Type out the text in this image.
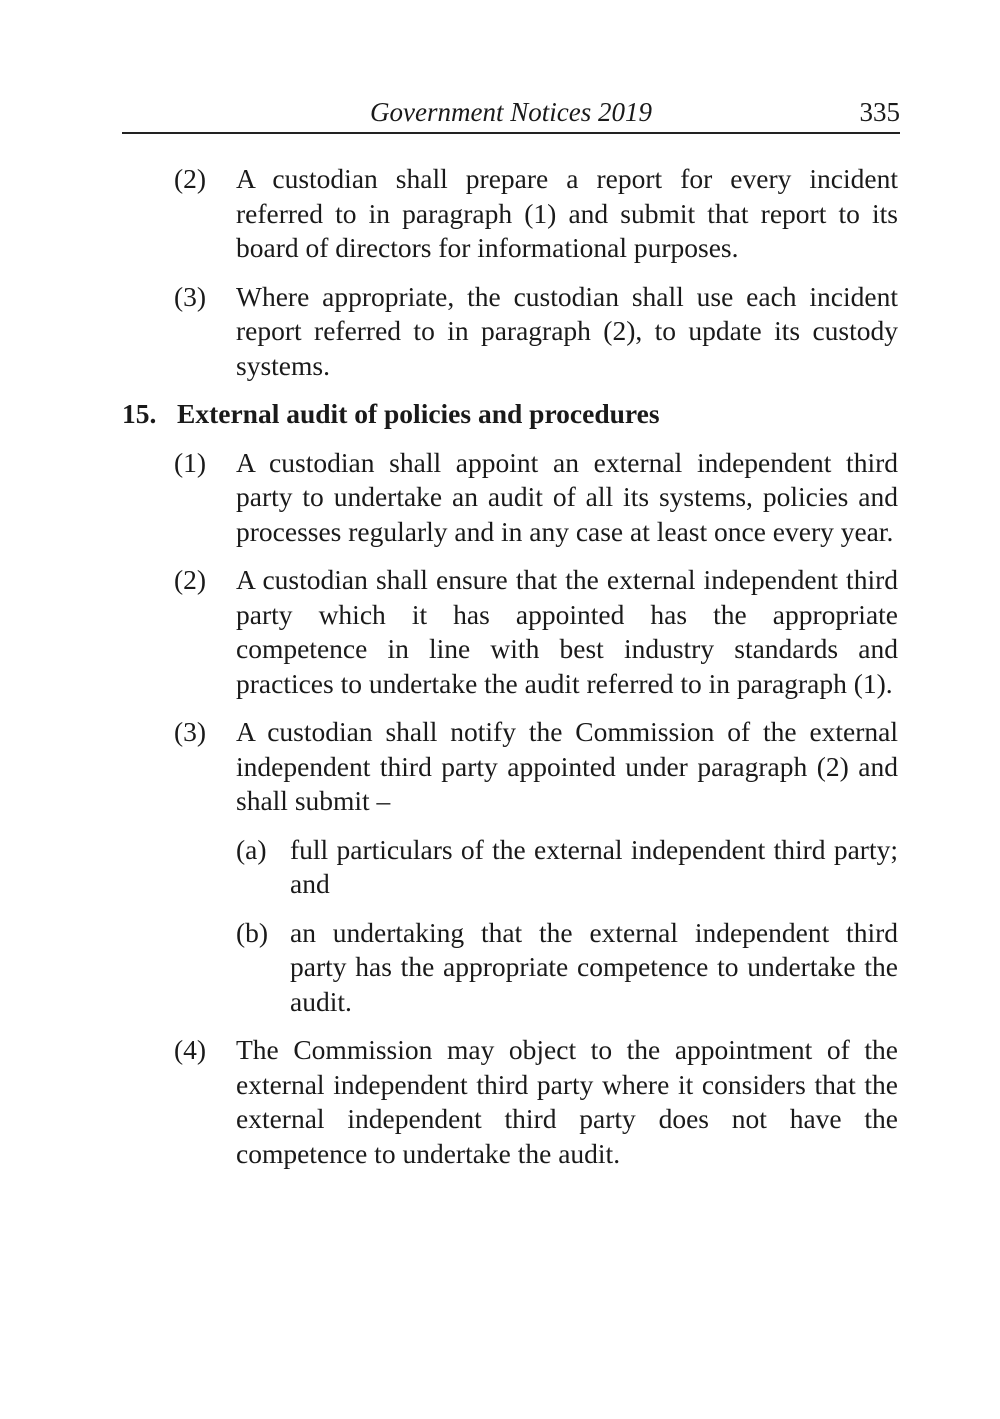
Government Notices 2019	335
(2) A custodian shall prepare a report for every incident referred to in paragraph (1) and submit that report to its board of directors for informational purposes.
(3) Where appropriate, the custodian shall use each incident report referred to in paragraph (2), to update its custody systems.
15. External audit of policies and procedures
(1) A custodian shall appoint an external independent third party to undertake an audit of all its systems, policies and processes regularly and in any case at least once every year.
(2) A custodian shall ensure that the external independent third party which it has appointed has the appropriate competence in line with best industry standards and practices to undertake the audit referred to in paragraph (1).
(3) A custodian shall notify the Commission of the external independent third party appointed under paragraph (2) and shall submit –
(a) full particulars of the external independent third party; and
(b) an undertaking that the external independent third party has the appropriate competence to undertake the audit.
(4) The Commission may object to the appointment of the external independent third party where it considers that the external independent third party does not have the competence to undertake the audit.
